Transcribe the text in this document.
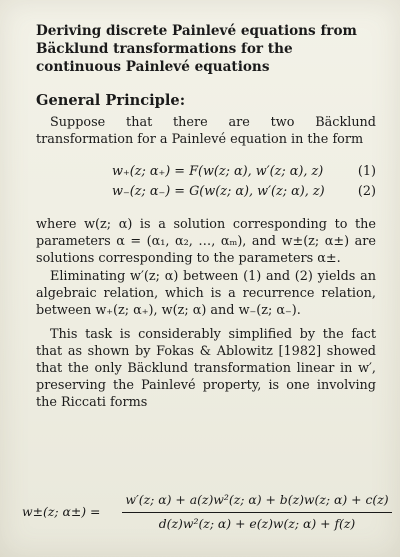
Deriving discrete Painlevé equations from Bäcklund transformations for the continuous Painlevé equations
General Principle:

Suppose that there are two Bäcklund transformation for a Painlevé equation in the form

w₊(z; α₊) = F(w(z; α), w′(z; α), z)	(1)
w₋(z; α₋) = G(w(z; α), w′(z; α), z)	(2)

where w(z; α) is a solution corresponding to the parameters α = (α₁, α₂, …, αₘ), and w±(z; α±) are solutions corresponding to the parameters α±.

Eliminating w′(z; α) between (1) and (2) yields an algebraic relation, which is a recurrence relation, between w₊(z; α₊), w(z; α) and w₋(z; α₋).

This task is considerably simplified by the fact that as shown by Fokas & Ablowitz [1982] showed that the only Bäcklund transformation linear in w′, preserving the Painlevé property, is one involving the Riccati forms

w±(z; α±) =
w′(z; α) + a(z)w²(z; α) + b(z)w(z; α) + c(z)
d(z)w²(z; α) + e(z)w(z; α) + f(z)
